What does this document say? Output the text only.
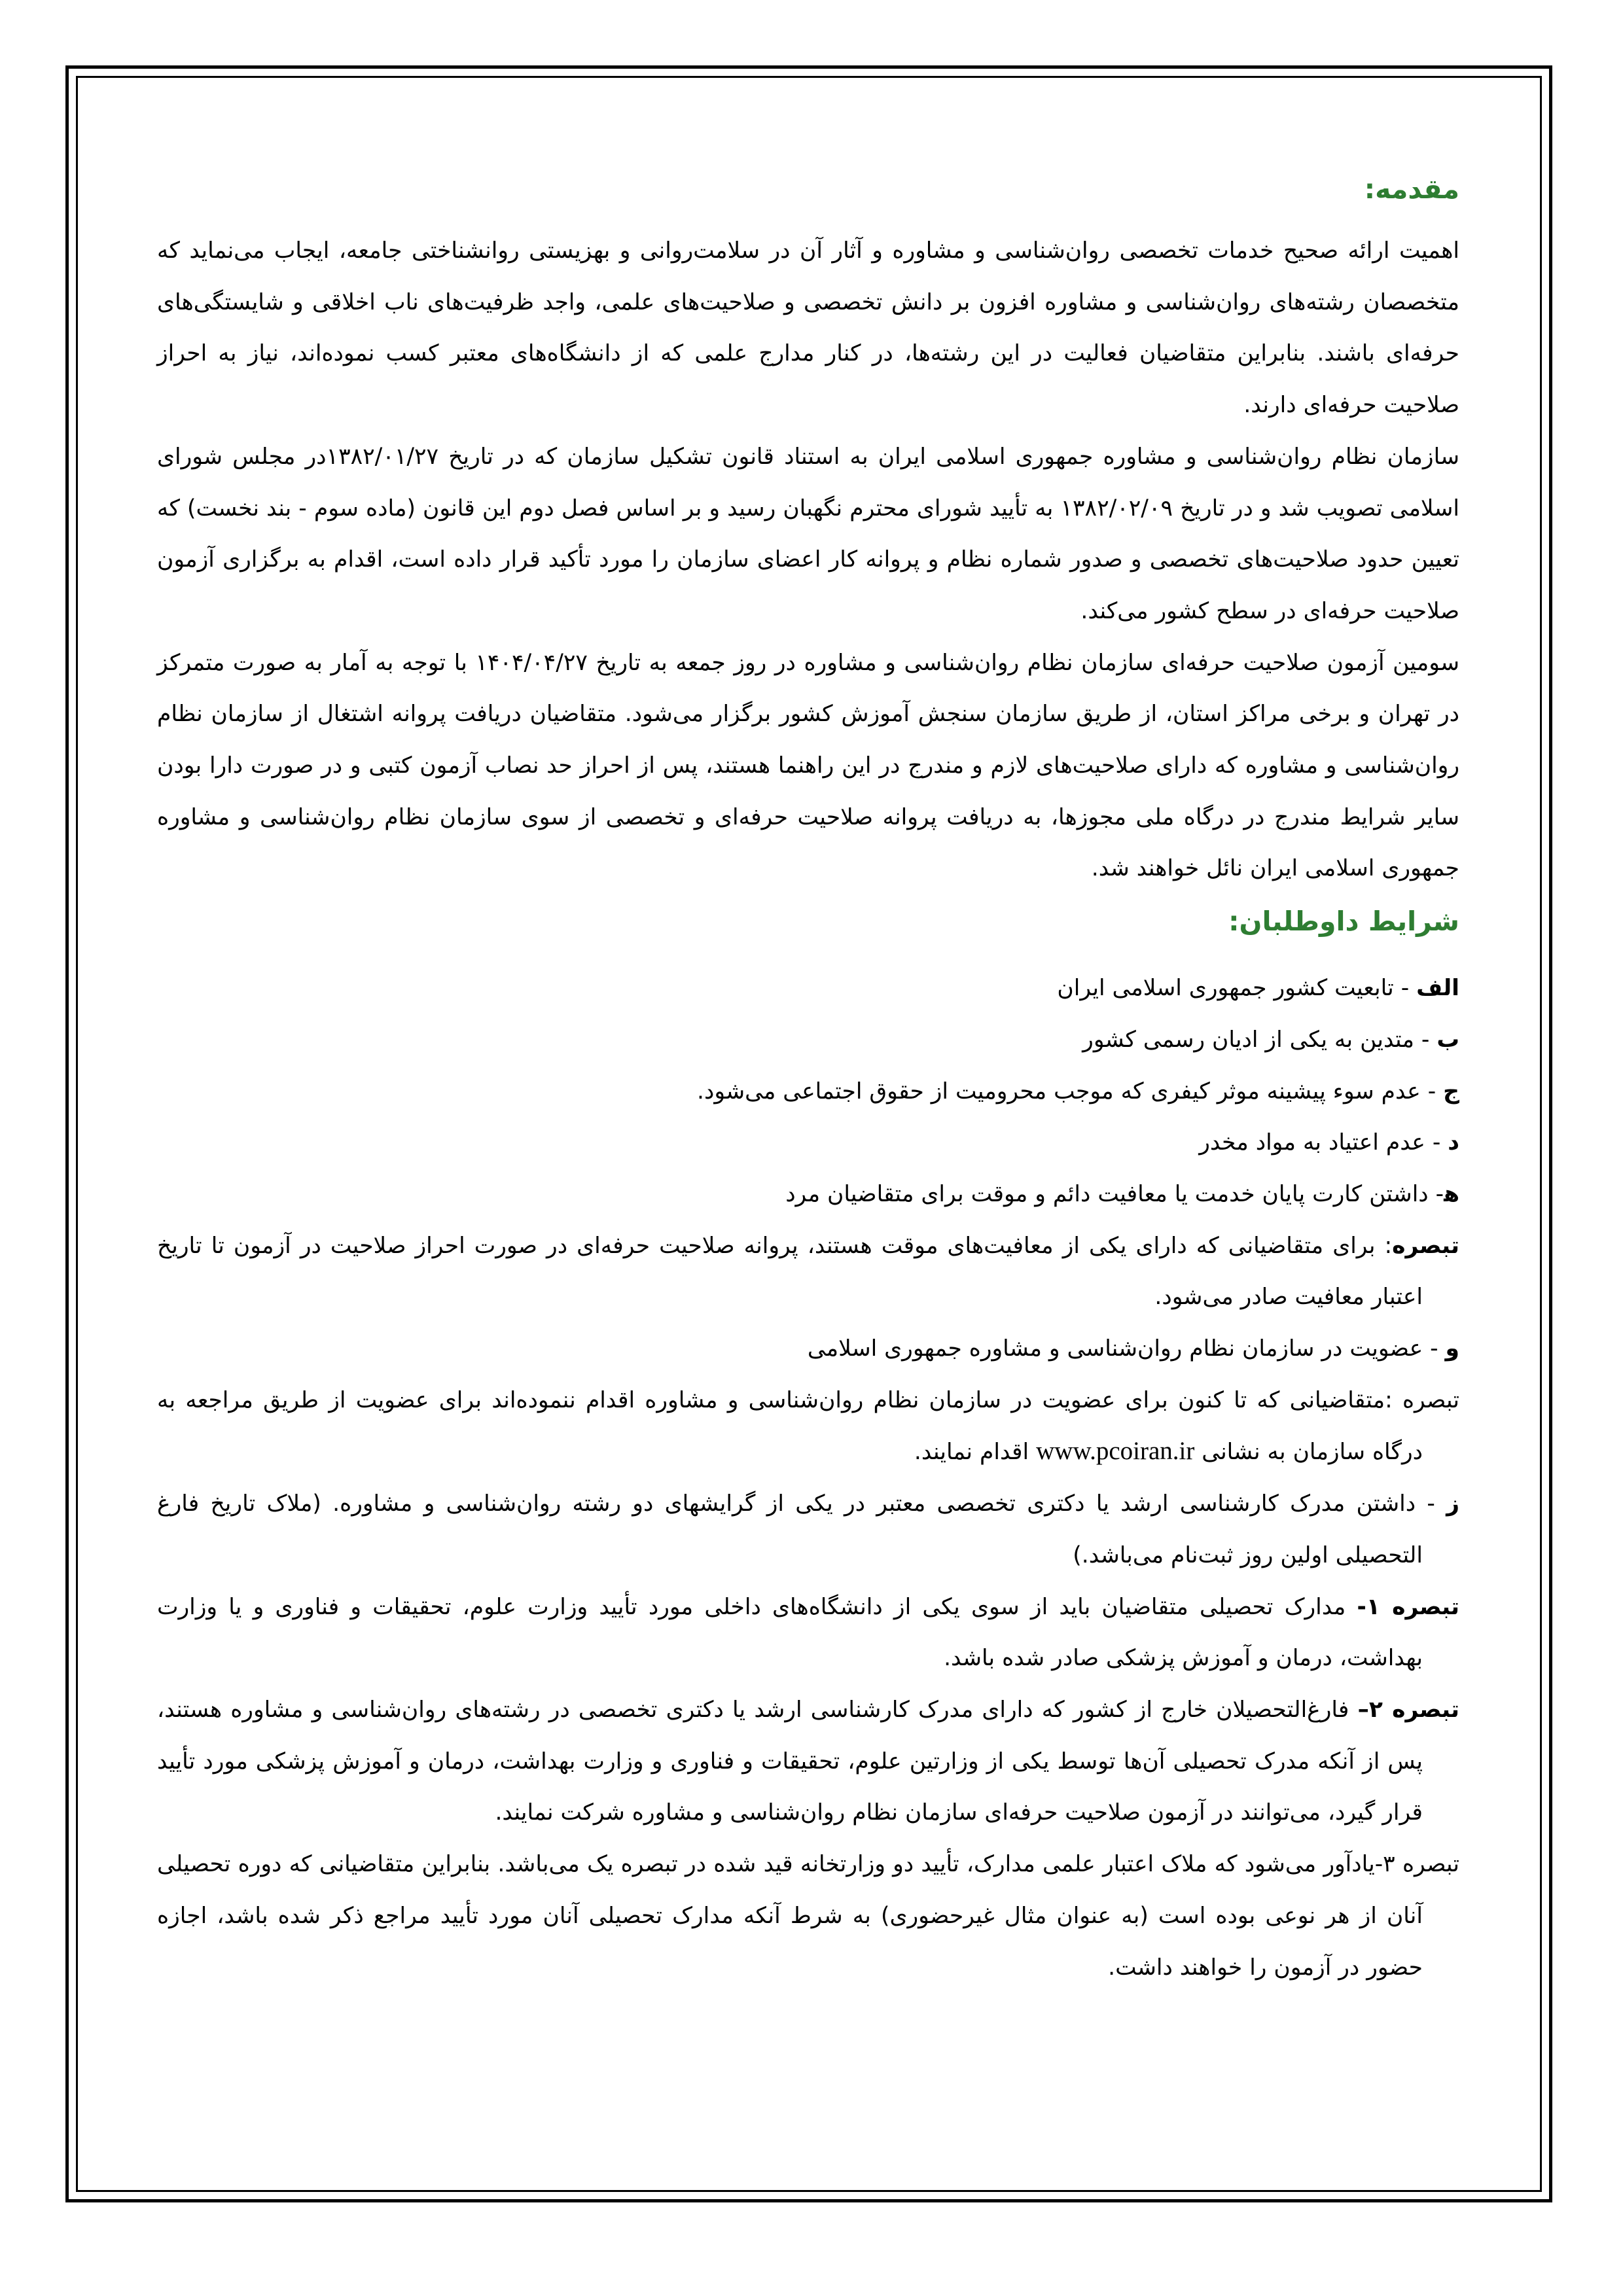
مقدمه:

اهمیت ارائه صحیح خدمات تخصصی روان‌شناسی و مشاوره و آثار آن در سلامت‌روانی و بهزیستی روانشناختی جامعه، ایجاب می‌نماید که متخصصان رشته‌های روان‌شناسی و مشاوره افزون بر دانش تخصصی و صلاحیت‌های علمی، واجد ظرفیت‌های ناب اخلاقی و شایستگی‌های حرفه‌ای باشند. بنابراین متقاضیان فعالیت در این رشته‌ها، در کنار مدارج علمی که از دانشگاه‌های معتبر کسب نموده‌اند، نیاز به احراز صلاحیت حرفه‌ای دارند.

سازمان نظام روان‌شناسی و مشاوره جمهوری اسلامی ایران به استناد قانون تشکیل سازمان که در تاریخ ۱۳۸۲/۰۱/۲۷در مجلس شورای اسلامی تصویب شد و در تاریخ ۱۳۸۲/۰۲/۰۹ به تأیید شورای محترم نگهبان رسید و بر اساس فصل دوم این قانون (ماده سوم - بند نخست) که تعیین حدود صلاحیت‌های تخصصی و صدور شماره نظام و پروانه کار اعضای سازمان را مورد تأکید قرار داده است، اقدام به برگزاری آزمون صلاحیت حرفه‌ای در سطح کشور می‌کند.

سومین آزمون صلاحیت حرفه‌ای سازمان نظام روان‌شناسی و مشاوره در روز جمعه به تاریخ ۱۴۰۴/۰۴/۲۷ با توجه به آمار به صورت متمرکز در تهران و برخی مراکز استان، از طریق سازمان سنجش آموزش کشور برگزار می‌شود. متقاضیان دریافت پروانه اشتغال از سازمان نظام روان‌شناسی و مشاوره که دارای صلاحیت‌های لازم و مندرج در این راهنما هستند، پس از احراز حد نصاب آزمون کتبی و در صورت دارا بودن سایر شرایط مندرج در درگاه ملی مجوزها، به دریافت پروانه صلاحیت حرفه‌ای و تخصصی از سوی سازمان نظام روان‌شناسی و مشاوره جمهوری اسلامی ایران نائل خواهند شد.

شرایط داوطلبان:

الف - تابعیت کشور جمهوری اسلامی ایران

ب - متدین به یکی از ادیان رسمی کشور

ج - عدم سوء پیشینه موثر کیفری که موجب محرومیت از حقوق اجتماعی می‌شود.

د - عدم اعتیاد به مواد مخدر

ﻫ- داشتن کارت پایان خدمت یا معافیت دائم و موقت برای متقاضیان مرد

تبصره: برای متقاضیانی که دارای یکی از معافیت‌های موقت هستند، پروانه صلاحیت حرفه‌ای در صورت احراز صلاحیت در آزمون تا تاریخ اعتبار معافیت صادر می‌شود.

و - عضویت در سازمان نظام روان‌شناسی و مشاوره جمهوری اسلامی

تبصره :متقاضیانی که تا کنون برای عضویت در سازمان نظام روان‌شناسی و مشاوره اقدام ننموده‌اند برای عضویت از طریق مراجعه به درگاه سازمان به نشانی www.pcoiran.ir اقدام نمایند.

ز - داشتن مدرک کارشناسی ارشد یا دکتری تخصصی معتبر در یکی از گرایشهای دو رشته روان‌شناسی و مشاوره. (ملاک تاریخ فارغ التحصیلی اولین روز ثبت‌نام می‌باشد.)

تبصره ۱- مدارک تحصیلی متقاضیان باید از سوی یکی از دانشگاه‌های داخلی مورد تأیید وزارت علوم، تحقیقات و فناوری و یا وزارت بهداشت، درمان و آموزش پزشکی صادر شده باشد.

تبصره ۲– فارغ‌التحصیلان خارج از کشور که دارای مدرک کارشناسی ارشد یا دکتری تخصصی در رشته‌های روان‌شناسی و مشاوره هستند، پس از آنکه مدرک تحصیلی آن‌ها توسط یکی از وزارتین علوم، تحقیقات و فناوری و وزارت بهداشت، درمان و آموزش پزشکی مورد تأیید قرار گیرد، می‌توانند در آزمون صلاحیت حرفه‌ای سازمان نظام روان‌شناسی و مشاوره شرکت نمایند.

تبصره ۳-یادآور می‌شود که ملاک اعتبار علمی مدارک، تأیید دو وزارتخانه قید شده در تبصره یک می‌باشد. بنابراین متقاضیانی که دوره تحصیلی آنان از هر نوعی بوده است (به عنوان مثال غیرحضوری) به شرط آنکه مدارک تحصیلی آنان مورد تأیید مراجع ذکر شده باشد، اجازه حضور در آزمون را خواهند داشت.
